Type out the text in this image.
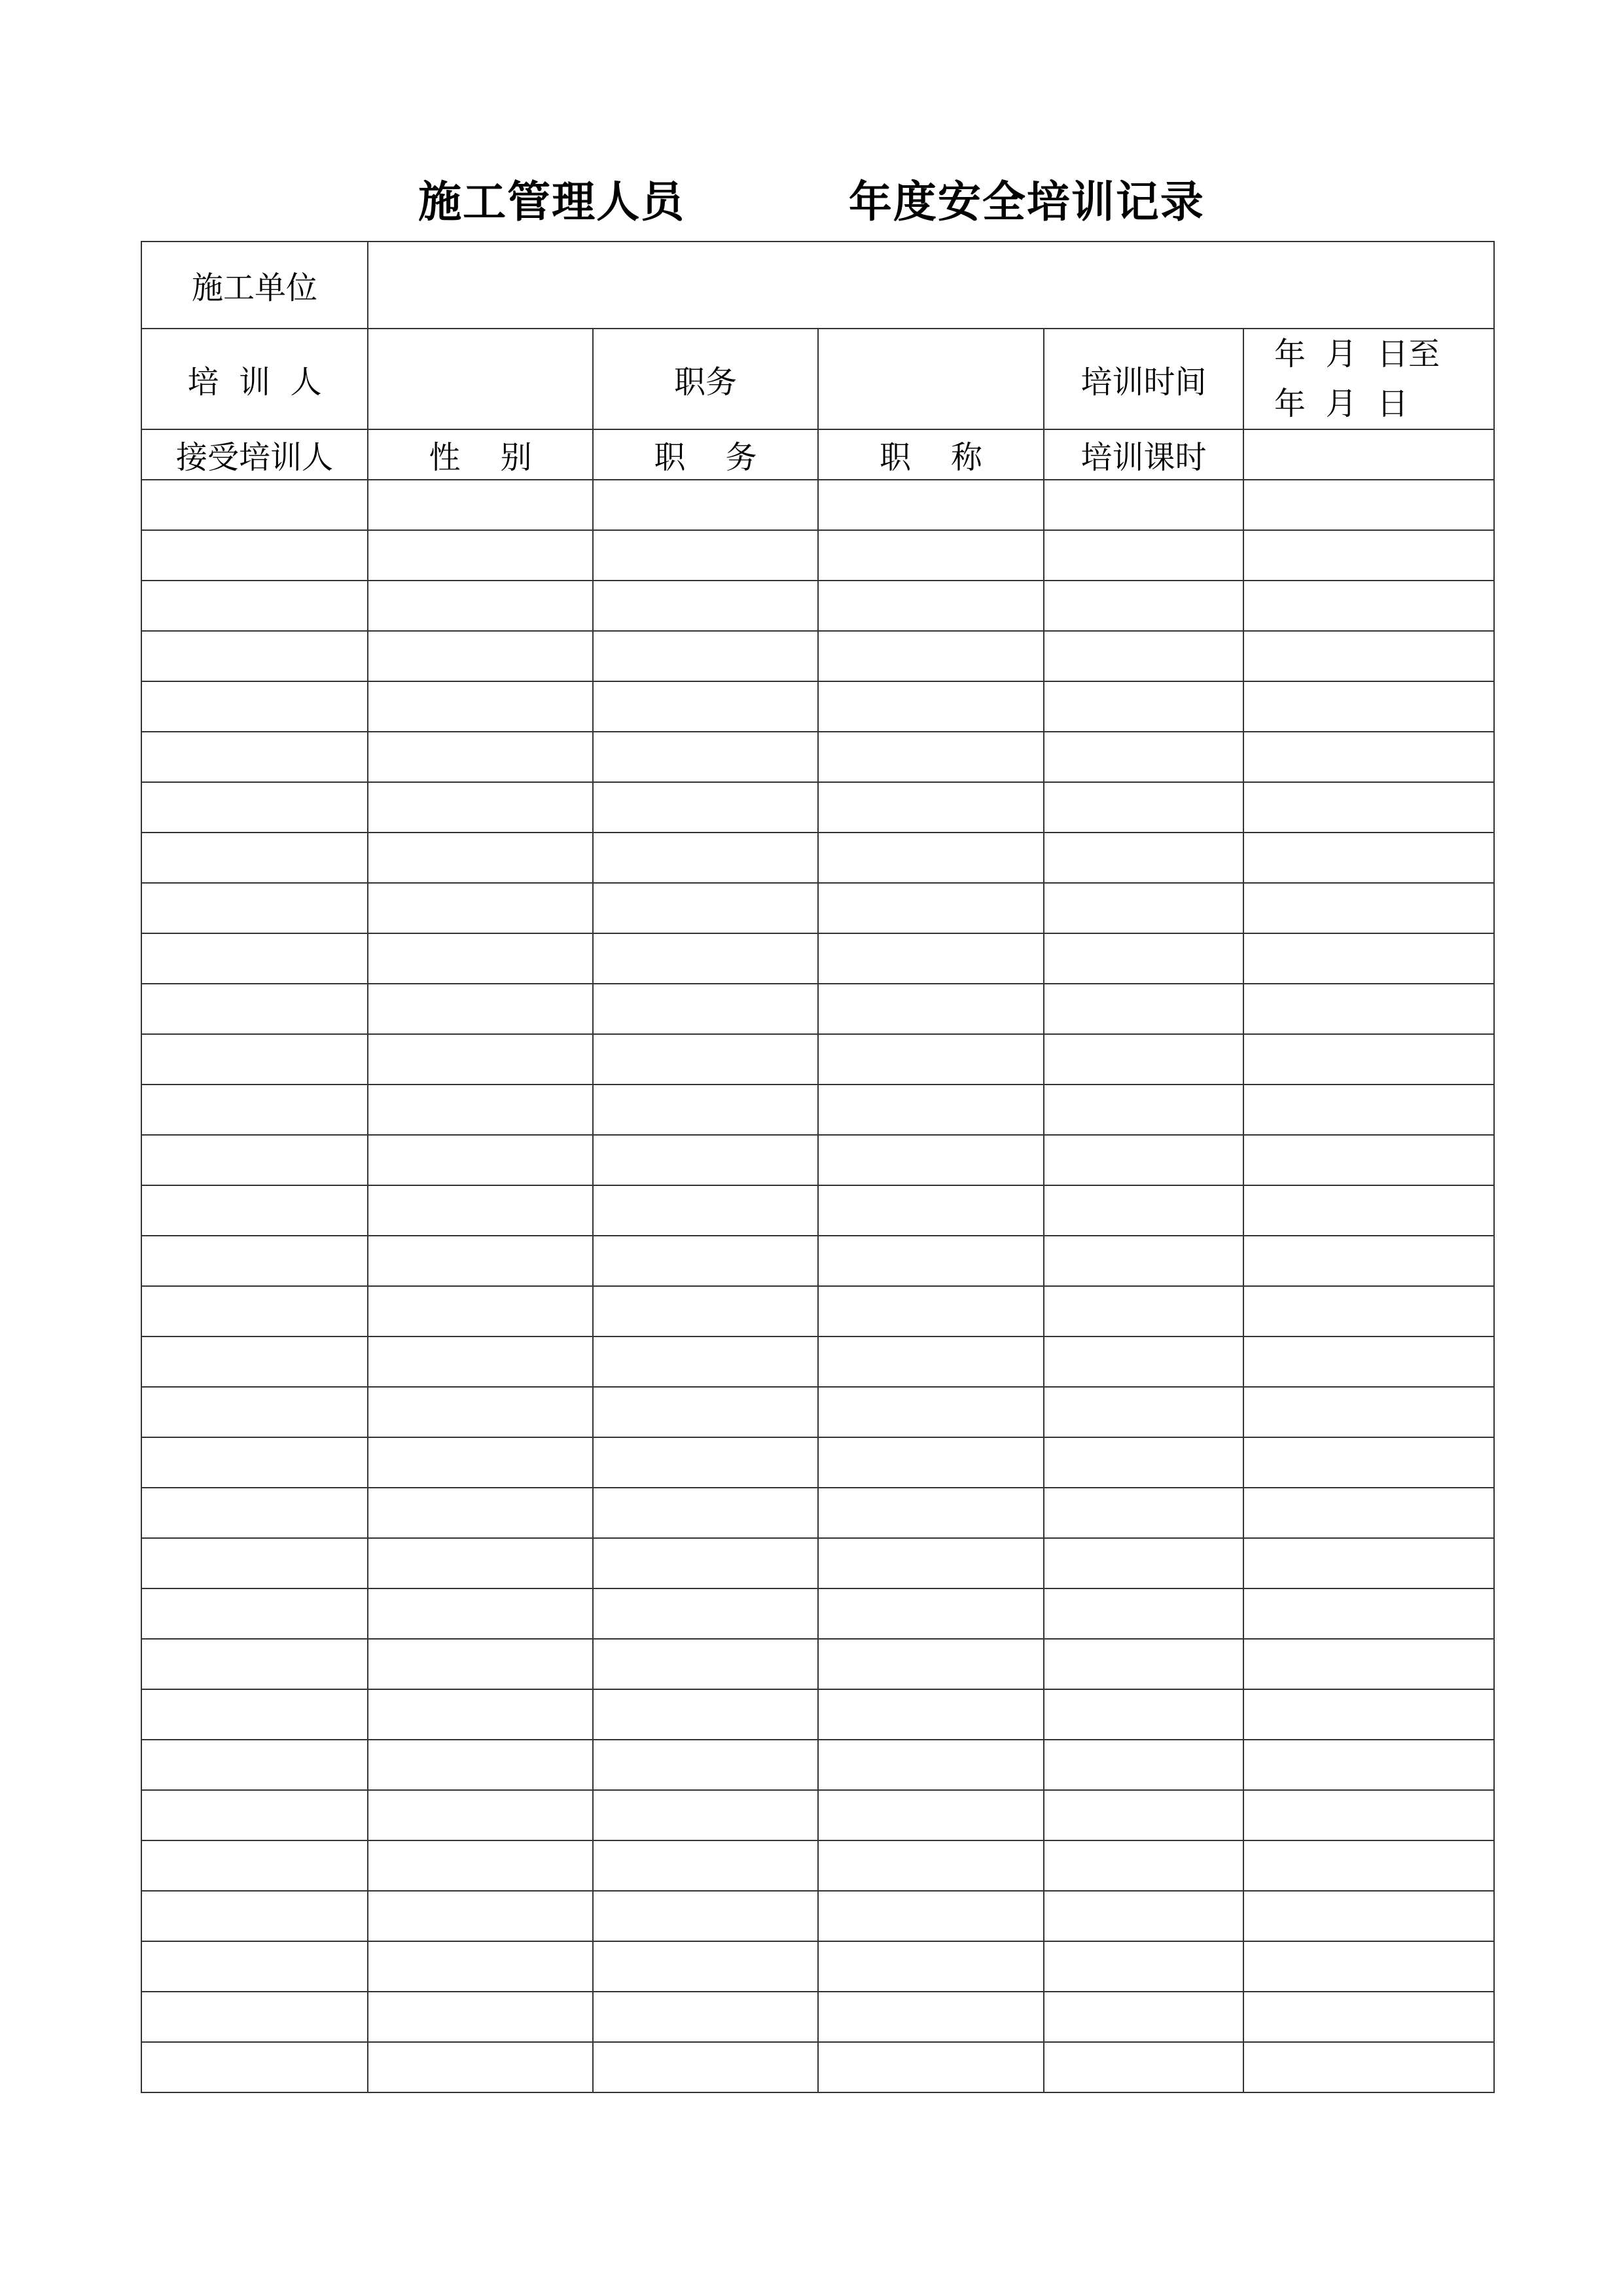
施工管理人员          年度安全培训记录
施工单位					
培  训  人		职务		培训时间	年  月  日至
年  月  日

接受培训人	性    别	职    务	职    称	培训课时	
